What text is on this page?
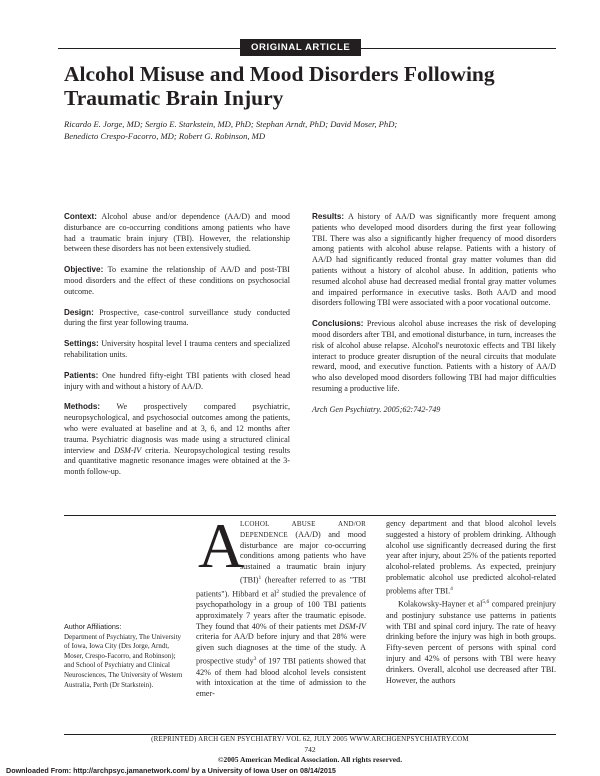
ORIGINAL ARTICLE
Alcohol Misuse and Mood Disorders Following Traumatic Brain Injury

Ricardo E. Jorge, MD; Sergio E. Starkstein, MD, PhD; Stephan Arndt, PhD; David Moser, PhD;

Benedicto Crespo-Facorro, MD; Robert G. Robinson, MD

Context: Alcohol abuse and/or dependence (AA/D) and mood disturbance are co-occurring conditions among patients who have had a traumatic brain injury (TBI). However, the relationship between these disorders has not been extensively studied.

Objective: To examine the relationship of AA/D and post-TBI mood disorders and the effect of these conditions on psychosocial outcome.

Design: Prospective, case-control surveillance study conducted during the first year following trauma.

Settings: University hospital level I trauma centers and specialized rehabilitation units.

Patients: One hundred fifty-eight TBI patients with closed head injury with and without a history of AA/D.

Methods: We prospectively compared psychiatric, neuropsychological, and psychosocial outcomes among the patients, who were evaluated at baseline and at 3, 6, and 12 months after trauma. Psychiatric diagnosis was made using a structured clinical interview and DSM-IV criteria. Neuropsychological testing results and quantitative magnetic resonance images were obtained at the 3-month follow-up.

Results: A history of AA/D was significantly more frequent among patients who developed mood disorders during the first year following TBI. There was also a significantly higher frequency of mood disorders among patients with alcohol abuse relapse. Patients with a history of AA/D had significantly reduced frontal gray matter volumes than did patients without a history of alcohol abuse. In addition, patients who resumed alcohol abuse had decreased medial frontal gray matter volumes and impaired performance in executive tasks. Both AA/D and mood disorders following TBI were associated with a poor vocational outcome.

Conclusions: Previous alcohol abuse increases the risk of developing mood disorders after TBI, and emotional disturbance, in turn, increases the risk of alcohol abuse relapse. Alcohol's neurotoxic effects and TBI likely interact to produce greater disruption of the neural circuits that modulate reward, mood, and executive function. Patients with a history of AA/D who also developed mood disorders following TBI had major difficulties resuming a productive life.

Arch Gen Psychiatry. 2005;62:742-749

Author Affiliations:

Department of Psychiatry, The University of Iowa, Iowa City (Drs Jorge, Arndt, Moser, Crespo-Facorro, and Robinson); and School of Psychiatry and Clinical Neurosciences, The University of Western Australia, Perth (Dr Starkstein).

A

LCOHOL ABUSE AND/OR DEPENDENCE (AA/D) and mood disturbance are major co-occurring conditions among patients who have sustained a traumatic brain injury (TBI)$^1$ (hereafter referred to as "TBI patients"). Hibbard et $al^2$ studied the prevalence of psychopathology in a group of 100 TBI patients approximately 7 years after the traumatic episode. They found that 40% of their patients met DSM-IV criteria for AA/D before injury and that 28% were given such diagnoses at the time of the study. A prospective study$^3$ of 197 TBI patients showed that 42% of them had blood alcohol levels consistent with intoxication at the time of admission to the emer-

gency department and that blood alcohol levels suggested a history of problem drinking. Although alcohol use significantly decreased during the first year after injury, about 25% of the patients reported alcohol-related problems. As expected, preinjury problematic alcohol use predicted alcohol-related problems after TBI.$^4$

Kolakowsky-Hayner et al$^{5,6}$ compared preinjury and postinjury substance use patterns in patients with TBI and spinal cord injury. The rate of heavy drinking before the injury was high in both groups. Fifty-seven percent of persons with spinal cord injury and 42% of persons with TBI were heavy drinkers. Overall, alcohol use decreased after TBI. However, the authors

(REPRINTED) ARCH GEN PSYCHIATRY/ VOL 62, JULY 2005 WWW.ARCHGENPSYCHIATRY.COM
742
©2005 American Medical Association. All rights reserved.
Downloaded From: http://archpsyc.jamanetwork.com/ by a University of Iowa User on 08/14/2015
